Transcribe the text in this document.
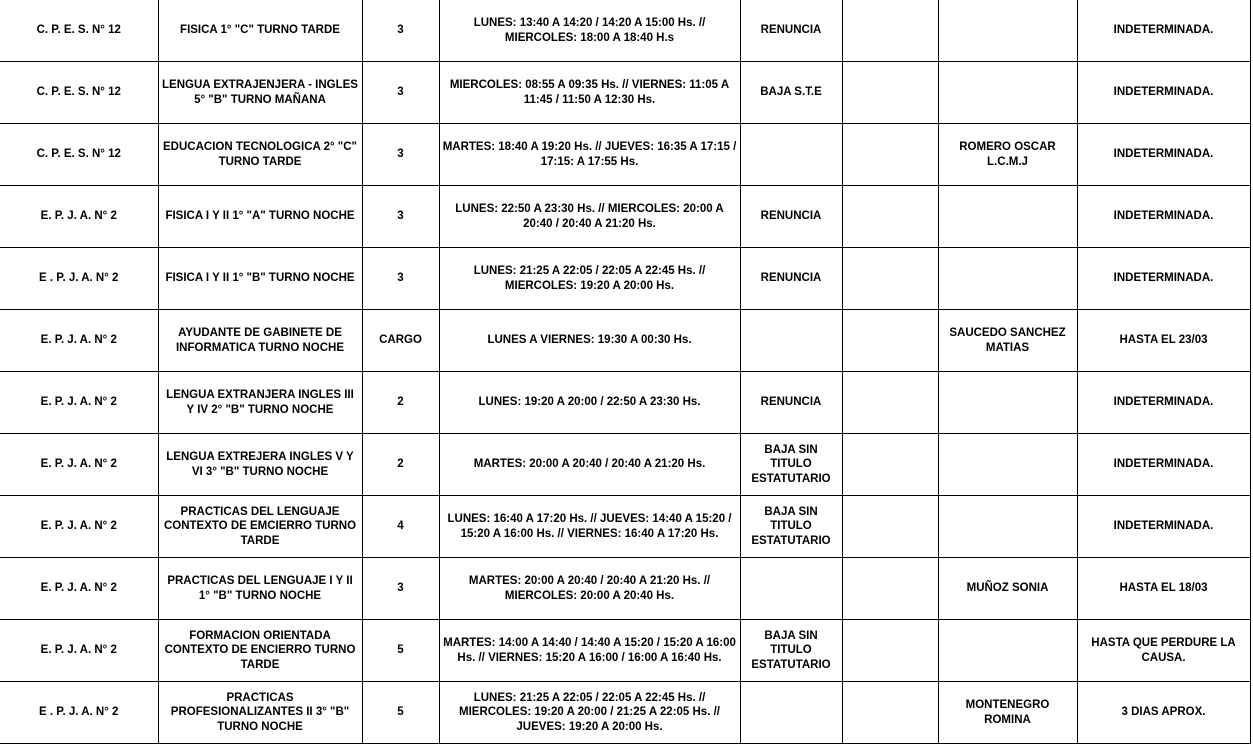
C. P. E. S. N° 12	FISICA 1° "C" TURNO TARDE	3	LUNES: 13:40 A 14:20 / 14:20 A 15:00 Hs. // MIERCOLES: 18:00 A 18:40 H.s	RENUNCIA			INDETERMINADA.
C. P. E. S. N° 12	LENGUA EXTRAJENJERA - INGLES 5° "B" TURNO MAÑANA	3	MIERCOLES: 08:55 A 09:35 Hs. // VIERNES: 11:05 A 11:45 / 11:50 A 12:30 Hs.	BAJA S.T.E			INDETERMINADA.
C. P. E. S. N° 12	EDUCACION TECNOLOGICA 2° "C" TURNO TARDE	3	MARTES: 18:40 A 19:20 Hs. // JUEVES: 16:35 A 17:15 / 17:15: A 17:55 Hs.			ROMERO OSCAR L.C.M.J	INDETERMINADA.
E. P. J. A. N° 2	FISICA I Y II 1° "A" TURNO NOCHE	3	LUNES: 22:50 A 23:30 Hs. // MIERCOLES: 20:00 A 20:40 / 20:40 A 21:20 Hs.	RENUNCIA			INDETERMINADA.
E . P. J. A. N° 2	FISICA I Y II 1° "B" TURNO NOCHE	3	LUNES: 21:25 A 22:05 / 22:05 A 22:45 Hs. // MIERCOLES: 19:20 A 20:00 Hs.	RENUNCIA			INDETERMINADA.
E. P. J. A. N° 2	AYUDANTE DE GABINETE DE INFORMATICA TURNO NOCHE	CARGO	LUNES A VIERNES: 19:30 A 00:30 Hs.			SAUCEDO SANCHEZ MATIAS	HASTA EL 23/03
E. P. J. A. N° 2	LENGUA EXTRANJERA INGLES III Y IV 2° "B" TURNO NOCHE	2	LUNES: 19:20 A 20:00 / 22:50 A 23:30 Hs.	RENUNCIA			INDETERMINADA.
E. P. J. A. N° 2	LENGUA EXTREJERA INGLES V Y VI 3° "B" TURNO NOCHE	2	MARTES: 20:00 A 20:40 / 20:40 A 21:20 Hs.	BAJA SIN TITULO ESTATUTARIO			INDETERMINADA.
E. P. J. A. N° 2	PRACTICAS DEL LENGUAJE CONTEXTO DE EMCIERRO TURNO TARDE	4	LUNES: 16:40 A 17:20 Hs. // JUEVES: 14:40 A 15:20 / 15:20 A 16:00 Hs. // VIERNES: 16:40 A 17:20 Hs.	BAJA SIN TITULO ESTATUTARIO			INDETERMINADA.
E. P. J. A. N° 2	PRACTICAS DEL LENGUAJE I Y II 1° "B" TURNO NOCHE	3	MARTES: 20:00 A 20:40 / 20:40 A 21:20 Hs. // MIERCOLES: 20:00 A 20:40 Hs.			MUÑOZ SONIA	HASTA EL 18/03
E. P. J. A. N° 2	FORMACION ORIENTADA CONTEXTO DE ENCIERRO TURNO TARDE	5	MARTES: 14:00 A 14:40 / 14:40 A 15:20 / 15:20 A 16:00 Hs. // VIERNES: 15:20 A 16:00 / 16:00 A 16:40 Hs.	BAJA SIN TITULO ESTATUTARIO			HASTA QUE PERDURE LA CAUSA.
E . P. J. A. N° 2	PRACTICAS PROFESIONALIZANTES II 3° "B" TURNO NOCHE	5	LUNES: 21:25 A 22:05 / 22:05 A 22:45 Hs. // MIERCOLES: 19:20 A 20:00 / 21:25 A 22:05 Hs. // JUEVES: 19:20 A 20:00 Hs.			MONTENEGRO ROMINA	3 DIAS APROX.
